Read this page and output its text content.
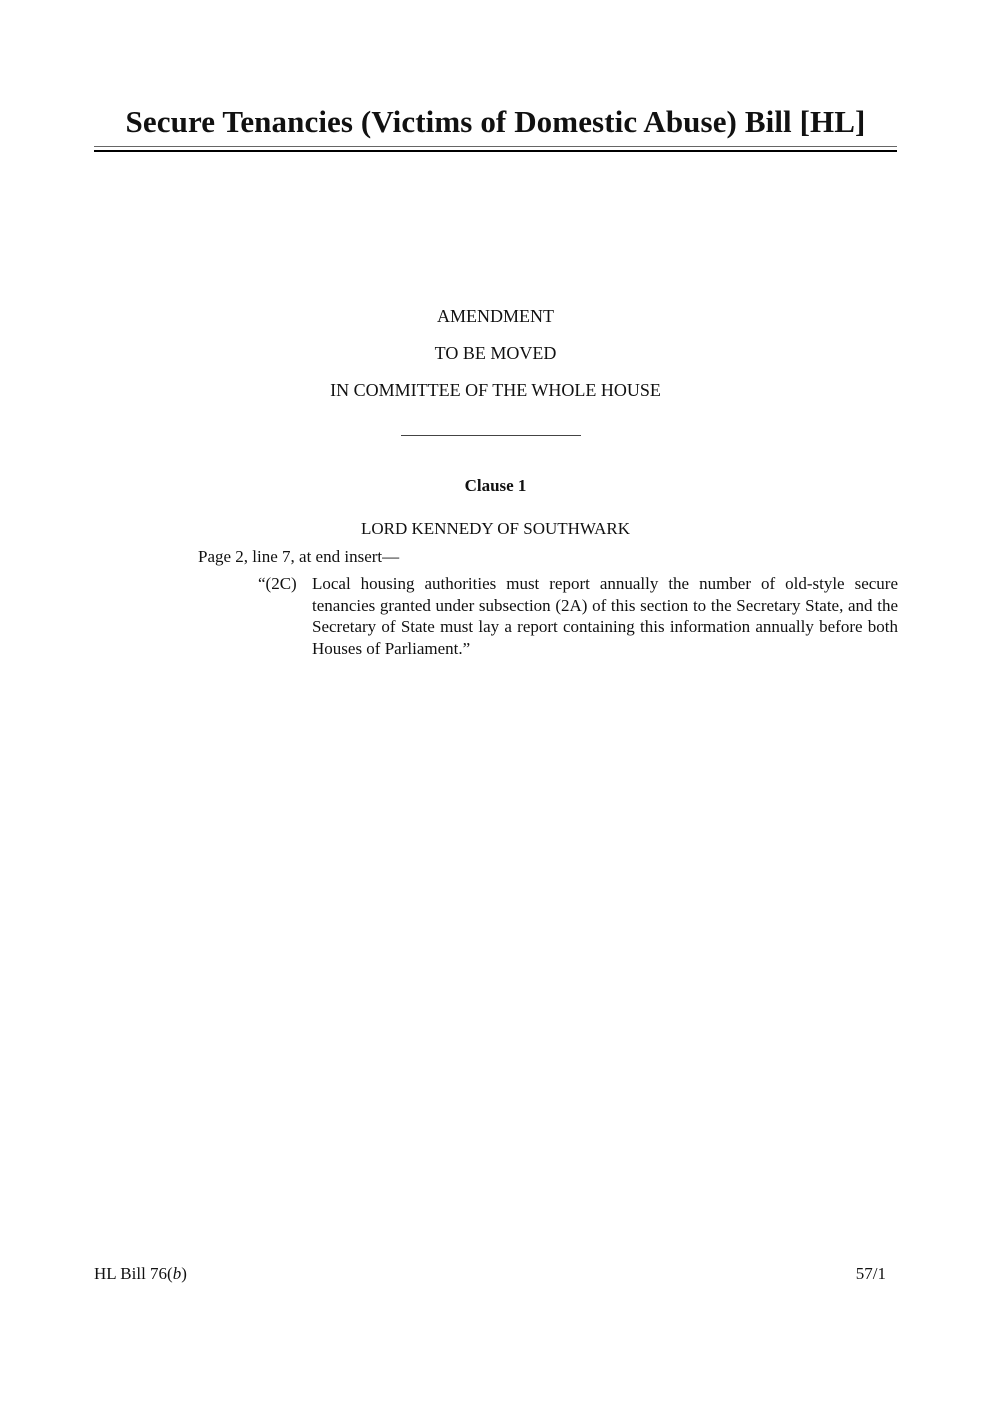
Secure Tenancies (Victims of Domestic Abuse) Bill [HL]
AMENDMENT
TO BE MOVED
IN COMMITTEE OF THE WHOLE HOUSE
Clause 1
LORD KENNEDY OF SOUTHWARK
Page 2, line 7, at end insert—
“(2C) Local housing authorities must report annually the number of old-style secure tenancies granted under subsection (2A) of this section to the Secretary State, and the Secretary of State must lay a report containing this information annually before both Houses of Parliament.”
HL Bill 76(b)	57/1
